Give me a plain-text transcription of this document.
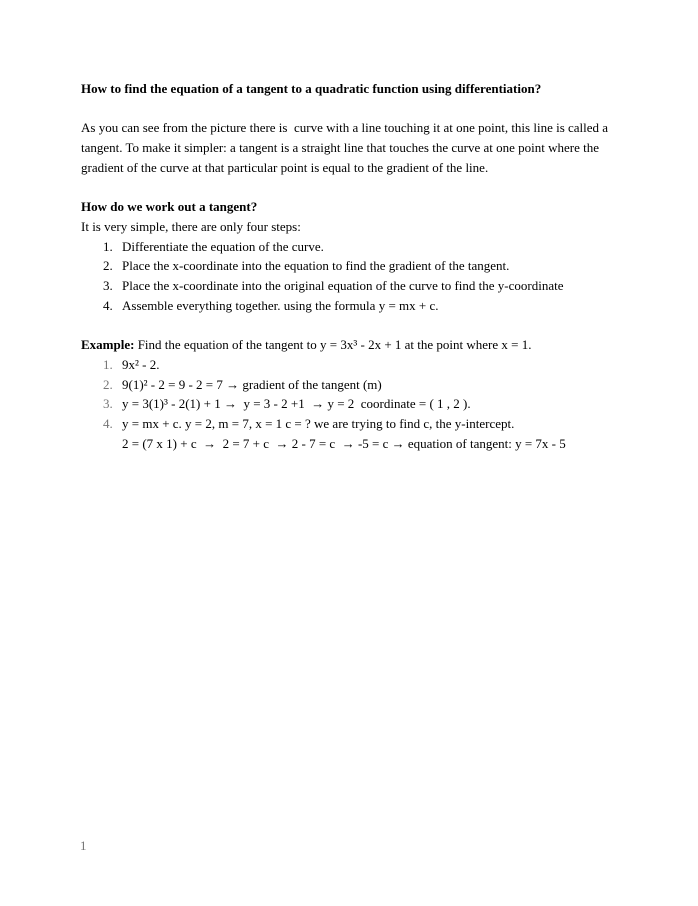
How to find the equation of a tangent to a quadratic function using differentiation?
As you can see from the picture there is  curve with a line touching it at one point, this line is called a tangent. To make it simpler: a tangent is a straight line that touches the curve at one point where the gradient of the curve at that particular point is equal to the gradient of the line.
How do we work out a tangent?
It is very simple, there are only four steps:
1. Differentiate the equation of the curve.
2. Place the x-coordinate into the equation to find the gradient of the tangent.
3. Place the x-coordinate into the original equation of the curve to find the y-coordinate
4. Assemble everything together. using the formula y = mx + c.
Example: Find the equation of the tangent to y = 3x³ - 2x + 1 at the point where x = 1.
1. 9x² - 2.
2. 9(1)² - 2 = 9 - 2 = 7 → gradient of the tangent (m)
3. y = 3(1)³ - 2(1) + 1 →  y = 3 - 2 +1  → y = 2  coordinate = ( 1 , 2 ).
4. y = mx + c. y = 2, m = 7, x = 1 c = ? we are trying to find c, the y-intercept.
2 = (7 x 1) + c  →  2 = 7 + c  → 2 - 7 = c  → -5 = c → equation of tangent: y = 7x - 5
1
